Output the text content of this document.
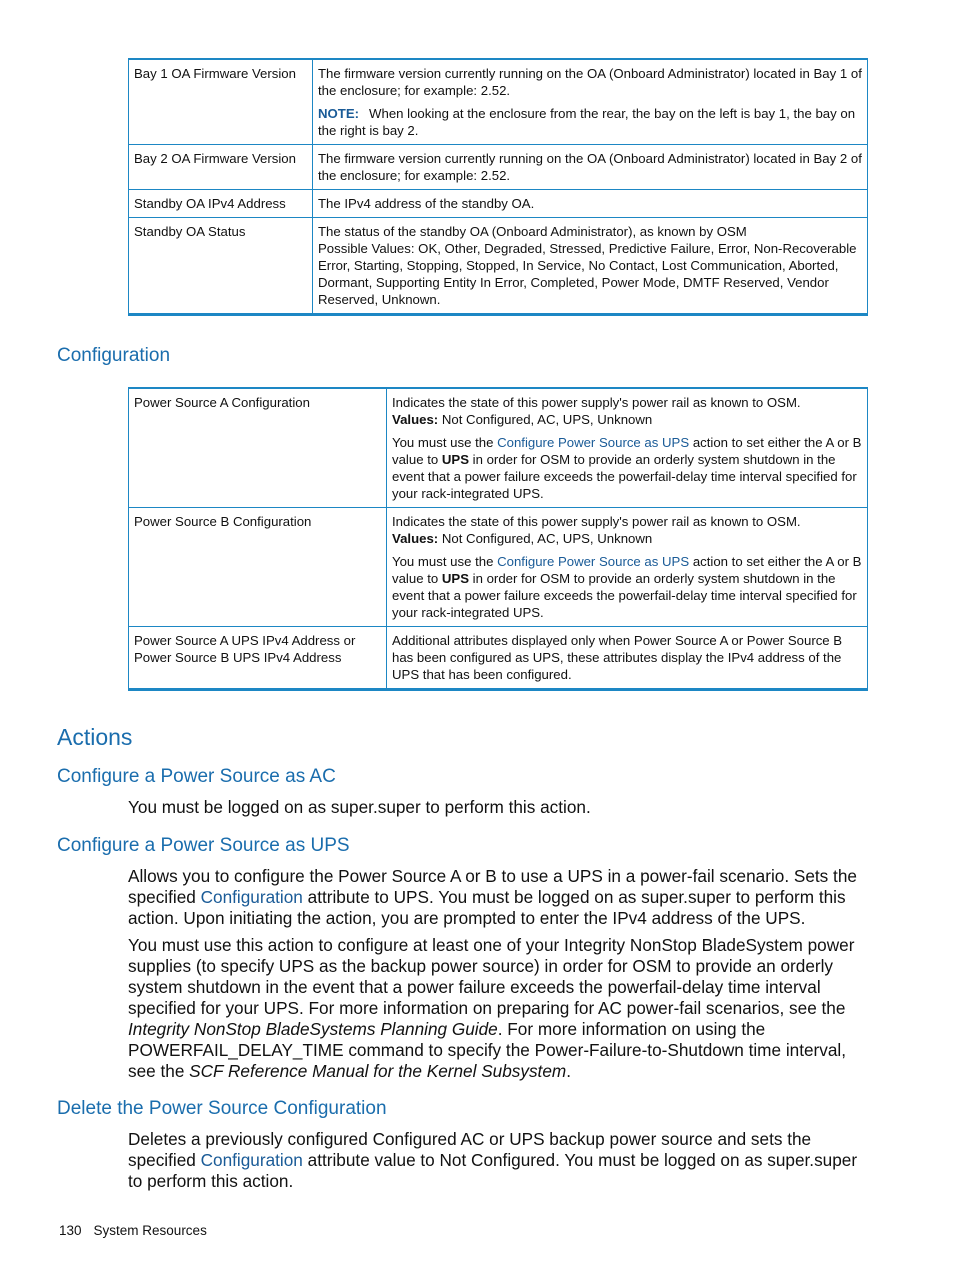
Bay 1 OA Firmware Version	The firmware version currently running on the OA (Onboard Administrator) located in Bay 1 of the enclosure; for example: 2.52.

NOTE: When looking at the enclosure from the rear, the bay on the left is bay 1, the bay on the right is bay 2.

Bay 2 OA Firmware Version	The firmware version currently running on the OA (Onboard Administrator) located in Bay 2 of the enclosure; for example: 2.52.

Standby OA IPv4 Address	The IPv4 address of the standby OA.

Standby OA Status	The status of the standby OA (Onboard Administrator), as known by OSM
Possible Values: OK, Other, Degraded, Stressed, Predictive Failure, Error, Non-Recoverable Error, Starting, Stopping, Stopped, In Service, No Contact, Lost Communication, Aborted, Dormant, Supporting Entity In Error, Completed, Power Mode, DMTF Reserved, Vendor Reserved, Unknown.
Configuration
Power Source A Configuration	Indicates the state of this power supply's power rail as known to OSM.
Values: Not Configured, AC, UPS, Unknown

You must use the Configure Power Source as UPS action to set either the A or B value to UPS in order for OSM to provide an orderly system shutdown in the event that a power failure exceeds the powerfail-delay time interval specified for your rack-integrated UPS.

Power Source B Configuration	Indicates the state of this power supply's power rail as known to OSM.
Values: Not Configured, AC, UPS, Unknown

You must use the Configure Power Source as UPS action to set either the A or B value to UPS in order for OSM to provide an orderly system shutdown in the event that a power failure exceeds the powerfail-delay time interval specified for your rack-integrated UPS.

Power Source A UPS IPv4 Address or Power Source B UPS IPv4 Address	Additional attributes displayed only when Power Source A or Power Source B has been configured as UPS, these attributes display the IPv4 address of the UPS that has been configured.

Actions
Configure a Power Source as AC

You must be logged on as super.super to perform this action.

Configure a Power Source as UPS

Allows you to configure the Power Source A or B to use a UPS in a power-fail scenario. Sets the specified Configuration attribute to UPS. You must be logged on as super.super to perform this action. Upon initiating the action, you are prompted to enter the IPv4 address of the UPS.

You must use this action to configure at least one of your Integrity NonStop BladeSystem power supplies (to specify UPS as the backup power source) in order for OSM to provide an orderly system shutdown in the event that a power failure exceeds the powerfail-delay time interval specified for your UPS. For more information on preparing for AC power-fail scenarios, see the Integrity NonStop BladeSystems Planning Guide. For more information on using the POWERFAIL_DELAY_TIME command to specify the Power-Failure-to-Shutdown time interval, see the SCF Reference Manual for the Kernel Subsystem.

Delete the Power Source Configuration

Deletes a previously configured Configured AC or UPS backup power source and sets the specified Configuration attribute value to Not Configured. You must be logged on as super.super to perform this action.

130 System Resources
